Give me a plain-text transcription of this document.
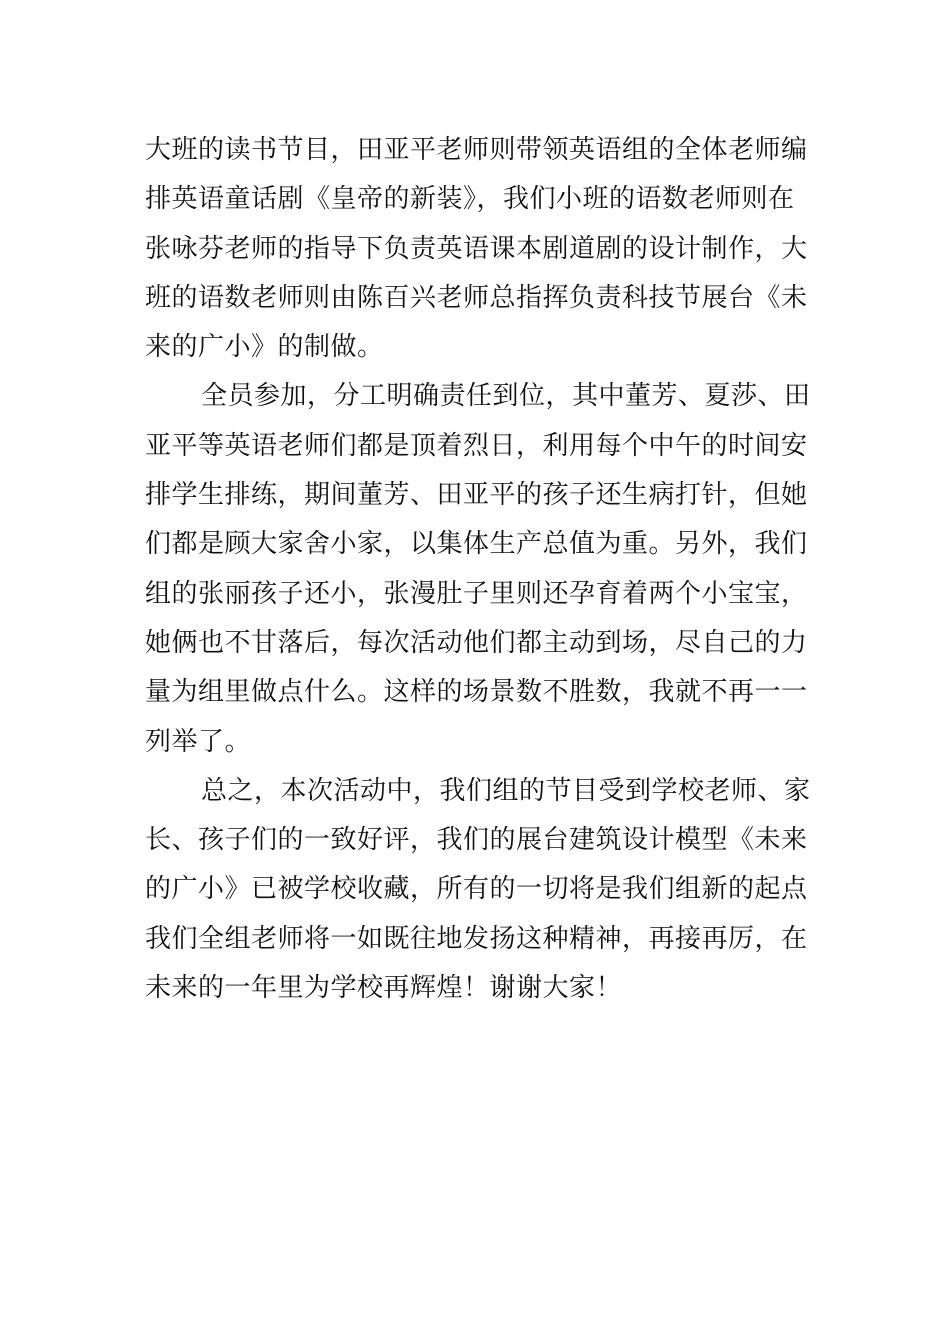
大班的读书节目，田亚平老师则带领英语组的全体老师编
排英语童话剧《皇帝的新装》，我们小班的语数老师则在
张咏芬老师的指导下负责英语课本剧道剧的设计制作，大
班的语数老师则由陈百兴老师总指挥负责科技节展台《未
来的广小》的制做。
全员参加，分工明确责任到位，其中董芳、夏莎、田
亚平等英语老师们都是顶着烈日，利用每个中午的时间安
排学生排练，期间董芳、田亚平的孩子还生病打针，但她
们都是顾大家舍小家，以集体生产总值为重。另外，我们
组的张丽孩子还小，张漫肚子里则还孕育着两个小宝宝，
她俩也不甘落后，每次活动他们都主动到场，尽自己的力
量为组里做点什么。这样的场景数不胜数，我就不再一一
列举了。
总之，本次活动中，我们组的节目受到学校老师、家
长、孩子们的一致好评，我们的展台建筑设计模型《未来
的广小》已被学校收藏，所有的一切将是我们组新的起点
我们全组老师将一如既往地发扬这种精神，再接再厉，在
未来的一年里为学校再辉煌！谢谢大家！
